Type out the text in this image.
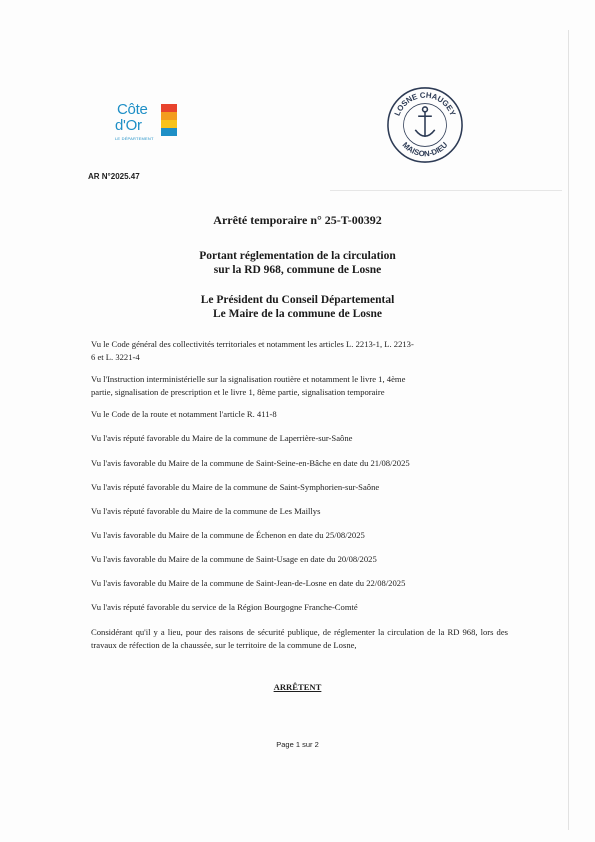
Côte
d'Or
LE DÉPARTEMENT
LOSNE CHAUGEY
MAISON-DIEU
AR N°2025.47
Arrêté temporaire n° 25-T-00392
Portant réglementation de la circulation
sur la RD 968, commune de Losne
Le Président du Conseil Départemental
Le Maire de la commune de Losne
Vu le Code général des collectivités territoriales et notamment les articles L. 2213-1, L. 2213-
6 et L. 3221-4
Vu l'Instruction interministérielle sur la signalisation routière et notamment le livre 1, 4ème
partie, signalisation de prescription et le livre 1, 8ème partie, signalisation temporaire
Vu le Code de la route et notamment l'article R. 411-8
Vu l'avis réputé favorable du Maire de la commune de Laperrière-sur-Saône
Vu l'avis favorable du Maire de la commune de Saint-Seine-en-Bâche en date du 21/08/2025
Vu l'avis réputé favorable du Maire de la commune de Saint-Symphorien-sur-Saône
Vu l'avis réputé favorable du Maire de la commune de Les Maillys
Vu l'avis favorable du Maire de la commune de Échenon en date du 25/08/2025
Vu l'avis favorable du Maire de la commune de Saint-Usage en date du 20/08/2025
Vu l'avis favorable du Maire de la commune de Saint-Jean-de-Losne en date du 22/08/2025
Vu l'avis réputé favorable du service de la Région Bourgogne Franche-Comté
Considérant qu'il y a lieu, pour des raisons de sécurité publique, de réglementer la circulation de la RD 968, lors des travaux de réfection de la chaussée, sur le territoire de la commune de Losne,
ARRÊTENT
Page 1 sur 2
